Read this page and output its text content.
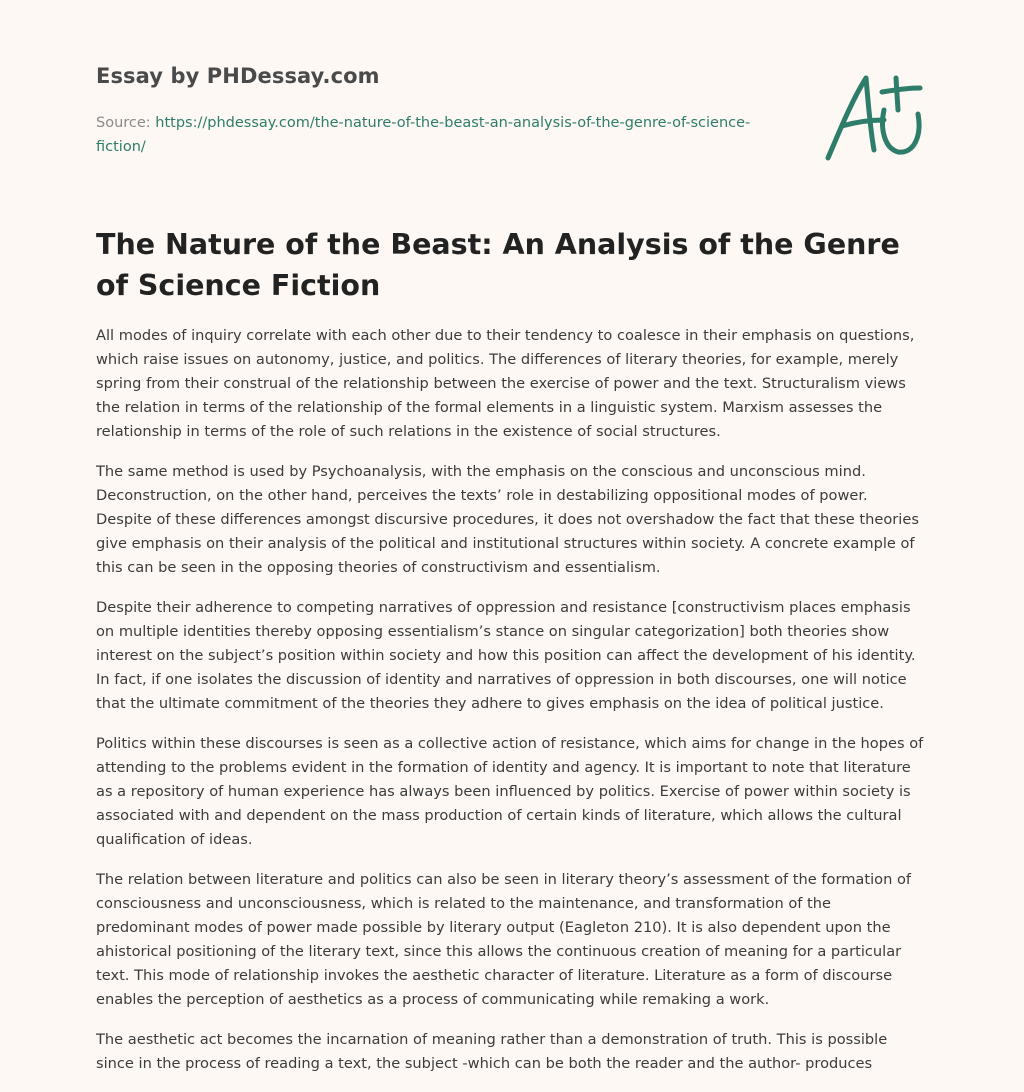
Essay by PHDessay.com
Source: https://phdessay.com/the-nature-of-the-beast-an-analysis-of-the-genre-of-science-fiction/
The Nature of the Beast: An Analysis of the Genre of Science Fiction

All modes of inquiry correlate with each other due to their tendency to coalesce in their emphasis on questions, which raise issues on autonomy, justice, and politics. The differences of literary theories, for example, merely spring from their construal of the relationship between the exercise of power and the text. Structuralism views the relation in terms of the relationship of the formal elements in a linguistic system. Marxism assesses the relationship in terms of the role of such relations in the existence of social structures.

The same method is used by Psychoanalysis, with the emphasis on the conscious and unconscious mind. Deconstruction, on the other hand, perceives the texts’ role in destabilizing oppositional modes of power. Despite of these differences amongst discursive procedures, it does not overshadow the fact that these theories give emphasis on their analysis of the political and institutional structures within society. A concrete example of this can be seen in the opposing theories of constructivism and essentialism.

Despite their adherence to competing narratives of oppression and resistance [constructivism places emphasis on multiple identities thereby opposing essentialism’s stance on singular categorization] both theories show interest on the subject’s position within society and how this position can affect the development of his identity. In fact, if one isolates the discussion of identity and narratives of oppression in both discourses, one will notice that the ultimate commitment of the theories they adhere to gives emphasis on the idea of political justice.

Politics within these discourses is seen as a collective action of resistance, which aims for change in the hopes of attending to the problems evident in the formation of identity and agency. It is important to note that literature as a repository of human experience has always been influenced by politics. Exercise of power within society is associated with and dependent on the mass production of certain kinds of literature, which allows the cultural qualification of ideas.

The relation between literature and politics can also be seen in literary theory’s assessment of the formation of consciousness and unconsciousness, which is related to the maintenance, and transformation of the predominant modes of power made possible by literary output (Eagleton 210). It is also dependent upon the ahistorical positioning of the literary text, since this allows the continuous creation of meaning for a particular text. This mode of relationship invokes the aesthetic character of literature. Literature as a form of discourse enables the perception of aesthetics as a process of communicating while remaking a work.

The aesthetic act becomes the incarnation of meaning rather than a demonstration of truth. This is possible since in the process of reading a text, the subject -which can be both the reader and the author- produces
